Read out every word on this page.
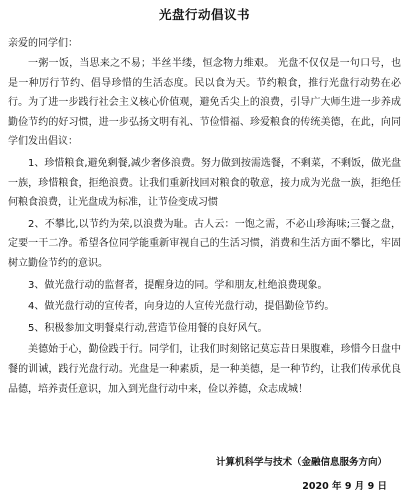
光盘行动倡议书

亲爱的同学们：

一粥一饭，当思来之不易；半丝半缕，恒念物力维艰。 光盘不仅仅是一句口号，也是一种厉行节约、倡导珍惜的生活态度。民以食为天。节约粮食，推行光盘行动势在必行。为了进一步践行社会主义核心价值观，避免舌尖上的浪费，引导广大师生进一步养成勤俭节约的好习惯，进一步弘扬文明有礼、节俭惜福、珍爱粮食的传统美德，在此，向同学们发出倡议：

1、珍惜粮食,避免剩餐,减少奢侈浪费。努力做到按需选餐，不剩菜，不剩饭，做光盘一族，珍惜粮食，拒绝浪费。让我们重新找回对粮食的敬意，接力成为光盘一族，拒绝任何粮食浪费，让光盘成为标准，让节俭变成习惯

2、不攀比,以节约为荣,以浪费为耻。古人云：一饱之需，不必山珍海味;三餐之盘，定要一干二净。希望各位同学能重新审视自己的生活习惯，消费和生活方面不攀比，牢固树立勤俭节约的意识。

3、做光盘行动的监督者，提醒身边的同。学和朋友,杜绝浪费现象。

4、做光盘行动的宣传者，向身边的人宣传光盘行动，提倡勤俭节约。

5、积极参加文明餐桌行动,营造节俭用餐的良好风气。

美德始于心，勤俭践于行。同学们，让我们时刻铭记莫忘昔日果腹难，珍惜今日盘中餐的训诫，践行光盘行动。光盘是一种素质，是一种美德，是一种节约，让我们传承优良品德，培养责任意识，加入到光盘行动中来，俭以养德，众志成城！

计算机科学与技术（金融信息服务方向）
2020 年 9 月 9 日
